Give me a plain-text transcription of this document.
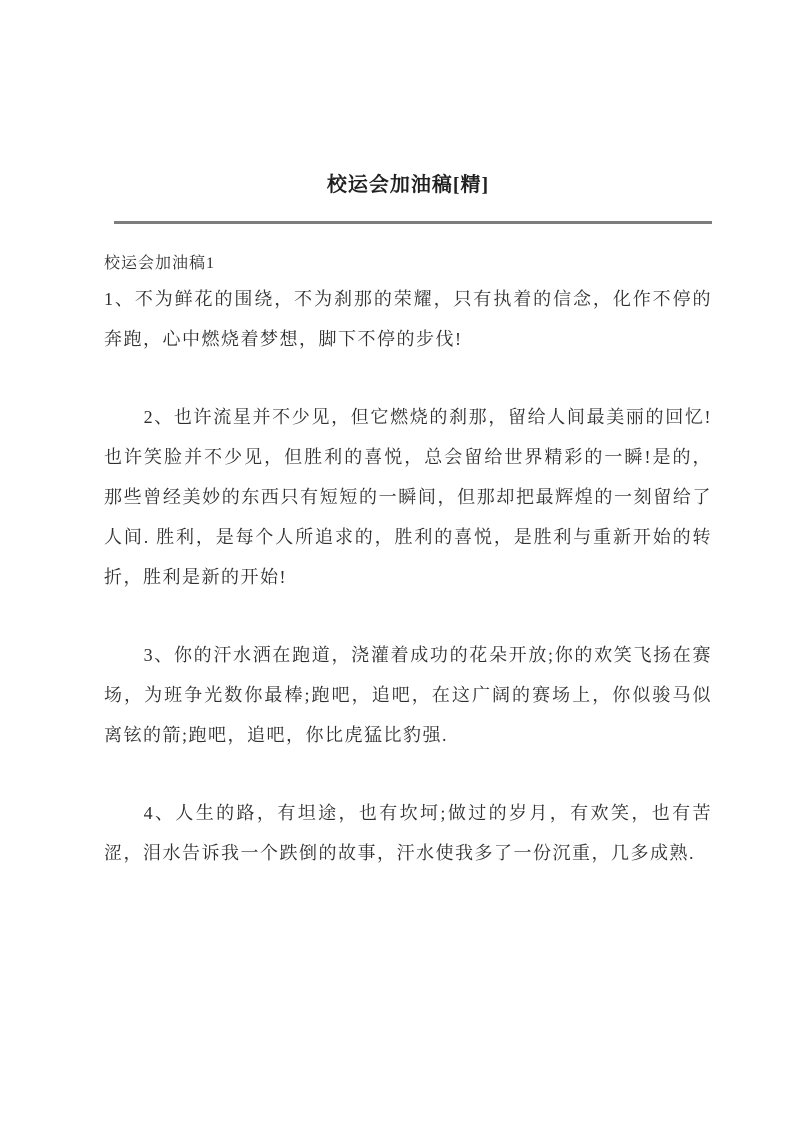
校运会加油稿[精]
校运会加油稿1

1、不为鲜花的围绕，不为刹那的荣耀，只有执着的信念，化作不停的奔跑，心中燃烧着梦想，脚下不停的步伐!

2、也许流星并不少见，但它燃烧的刹那，留给人间最美丽的回忆!也许笑脸并不少见，但胜利的喜悦，总会留给世界精彩的一瞬!是的，那些曾经美妙的东西只有短短的一瞬间，但那却把最辉煌的一刻留给了人间. 胜利，是每个人所追求的，胜利的喜悦，是胜利与重新开始的转折，胜利是新的开始!

3、你的汗水洒在跑道，浇灌着成功的花朵开放;你的欢笑飞扬在赛场，为班争光数你最棒;跑吧，追吧，在这广阔的赛场上，你似骏马似离铉的箭;跑吧，追吧，你比虎猛比豹强.

4、人生的路，有坦途，也有坎坷;做过的岁月，有欢笑，也有苦涩，泪水告诉我一个跌倒的故事，汗水使我多了一份沉重，几多成熟.
